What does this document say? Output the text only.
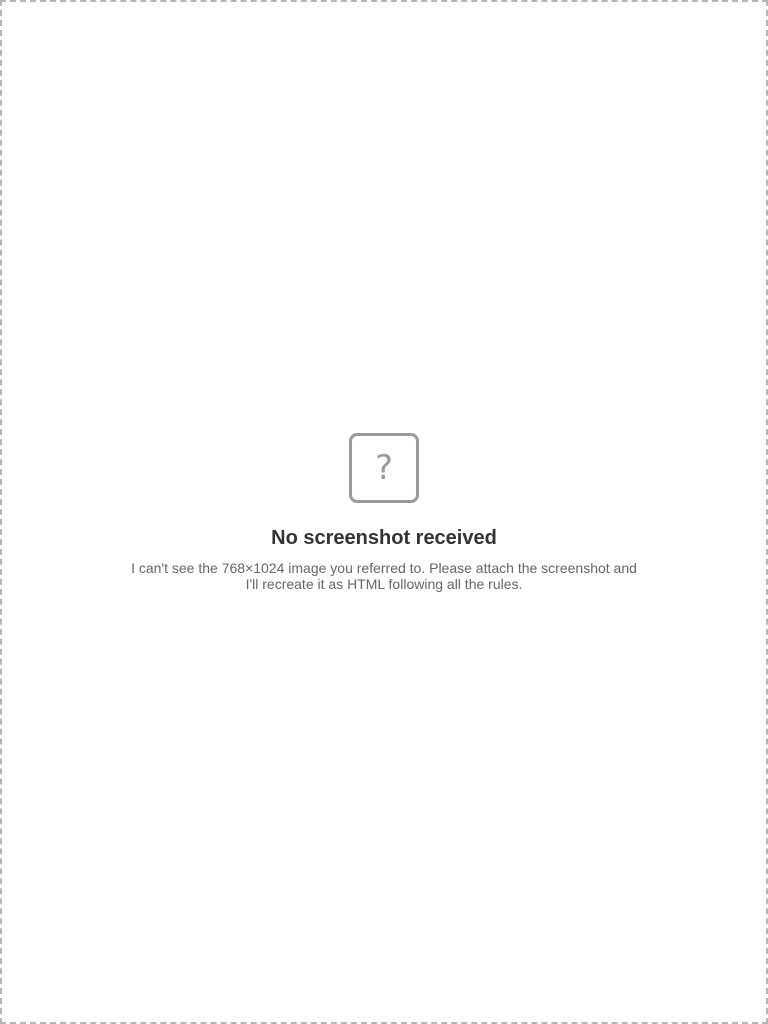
?

No screenshot received

I can't see the 768×1024 image you referred to. Please attach the screenshot and I'll recreate it as HTML following all the rules.
